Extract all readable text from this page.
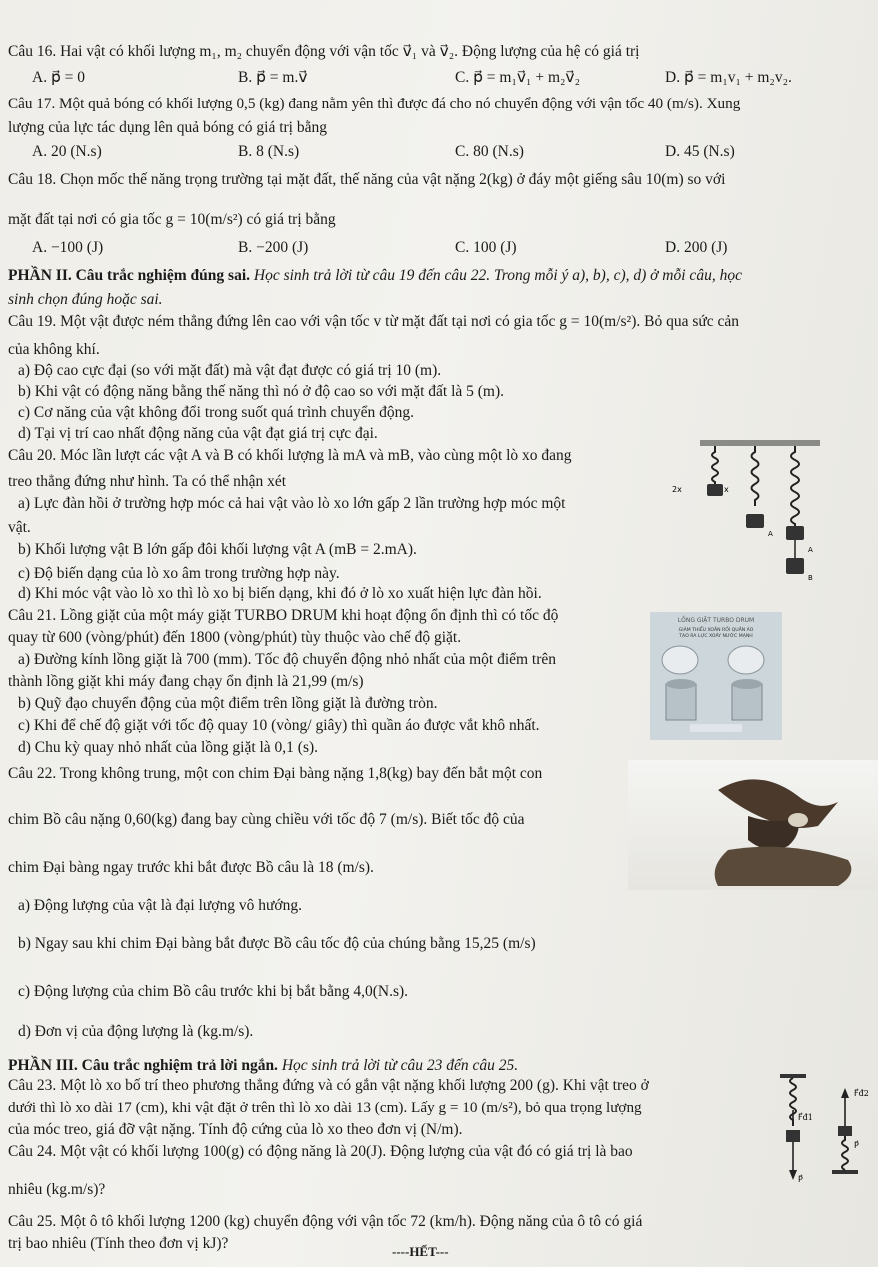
Câu 16. Hai vật có khối lượng m₁, m₂ chuyển động với vận tốc v⃗₁ và v⃗₂. Động lượng của hệ có giá trị
A. p⃗ = 0	B. p⃗ = m.v⃗	C. p⃗ = m₁v⃗₁ + m₂v⃗₂	D. p⃗ = m₁v₁ + m₂v₂.
Câu 17. Một quả bóng có khối lượng 0,5 (kg) đang nằm yên thì được đá cho nó chuyển động với vận tốc 40 (m/s). Xung
lượng của lực tác dụng lên quả bóng có giá trị bằng
A. 20 (N.s)	B. 8 (N.s)	C. 80 (N.s)	D. 45 (N.s)
Câu 18. Chọn mốc thế năng trọng trường tại mặt đất, thế năng của vật nặng 2(kg) ở đáy một giếng sâu 10(m) so với
mặt đất tại nơi có gia tốc g = 10(m/s²) có giá trị bằng
A. −100 (J)	B. −200 (J)	C. 100 (J)	D. 200 (J)
PHẦN II. Câu trắc nghiệm đúng sai. Học sinh trả lời từ câu 19 đến câu 22. Trong mỗi ý a), b), c), d) ở mỗi câu, học
sinh chọn đúng hoặc sai.
Câu 19. Một vật được ném thẳng đứng lên cao với vận tốc v từ mặt đất tại nơi có gia tốc g = 10(m/s²). Bỏ qua sức cản
của không khí.
a) Độ cao cực đại (so với mặt đất) mà vật đạt được có giá trị 10 (m).
b) Khi vật có động năng bằng thế năng thì nó ở độ cao so với mặt đất là 5 (m).
c) Cơ năng của vật không đổi trong suốt quá trình chuyển động.
d) Tại vị trí cao nhất động năng của vật đạt giá trị cực đại.
Câu 20. Móc lần lượt các vật A và B có khối lượng là mA và mB, vào cùng một lò xo đang
treo thẳng đứng như hình. Ta có thể nhận xét
a) Lực đàn hồi ở trường hợp móc cả hai vật vào lò xo lớn gấp 2 lần trường hợp móc một
vật.
b) Khối lượng vật B lớn gấp đôi khối lượng vật A (mB = 2.mA).
c) Độ biến dạng của lò xo âm trong trường hợp này.
d) Khi móc vật vào lò xo thì lò xo bị biến dạng, khi đó ở lò xo xuất hiện lực đàn hồi.
2x	x
A
A
B
Câu 21. Lồng giặt của một máy giặt TURBO DRUM khi hoạt động ổn định thì có tốc độ
quay từ 600 (vòng/phút) đến 1800 (vòng/phút) tùy thuộc vào chế độ giặt.
a) Đường kính lồng giặt là 700 (mm). Tốc độ chuyển động nhỏ nhất của một điểm trên
thành lồng giặt khi máy đang chạy ổn định là 21,99 (m/s)
b) Quỹ đạo chuyển động của một điểm trên lồng giặt là đường tròn.
c) Khi để chế độ giặt với tốc độ quay 10 (vòng/ giây) thì quần áo được vắt khô nhất.
d) Chu kỳ quay nhỏ nhất của lồng giặt là 0,1 (s).
LỒNG GIẶT TURBO DRUM
GIẢM THIỂU XOẮN RỐI QUẦN ÁO
TẠO RA LỰC XOÁY NƯỚC MẠNH
Câu 22. Trong không trung, một con chim Đại bàng nặng 1,8(kg) bay đến bắt một con
chim Bồ câu nặng 0,60(kg) đang bay cùng chiều với tốc độ 7 (m/s). Biết tốc độ của
chim Đại bàng ngay trước khi bắt được Bồ câu là 18 (m/s).
a) Động lượng của vật là đại lượng vô hướng.
b) Ngay sau khi chim Đại bàng bắt được Bồ câu tốc độ của chúng bằng 15,25 (m/s)
c) Động lượng của chim Bồ câu trước khi bị bắt bằng 4,0(N.s).
d) Đơn vị của động lượng là (kg.m/s).
PHẦN III. Câu trắc nghiệm trả lời ngắn. Học sinh trả lời từ câu 23 đến câu 25.
Câu 23. Một lò xo bố trí theo phương thẳng đứng và có gắn vật nặng khối lượng 200 (g). Khi vật treo ở
dưới thì lò xo dài 17 (cm), khi vật đặt ở trên thì lò xo dài 13 (cm). Lấy g = 10 (m/s²), bỏ qua trọng lượng
của móc treo, giá đỡ vật nặng. Tính độ cứng của lò xo theo đơn vị (N/m).
F⃗đ2
F⃗đ1
P⃗
P⃗
Câu 24. Một vật có khối lượng 100(g) có động năng là 20(J). Động lượng của vật đó có giá trị là bao
nhiêu (kg.m/s)?
Câu 25. Một ô tô khối lượng 1200 (kg) chuyển động với vận tốc 72 (km/h). Động năng của ô tô có giá
trị bao nhiêu (Tính theo đơn vị kJ)?	----HẾT---
